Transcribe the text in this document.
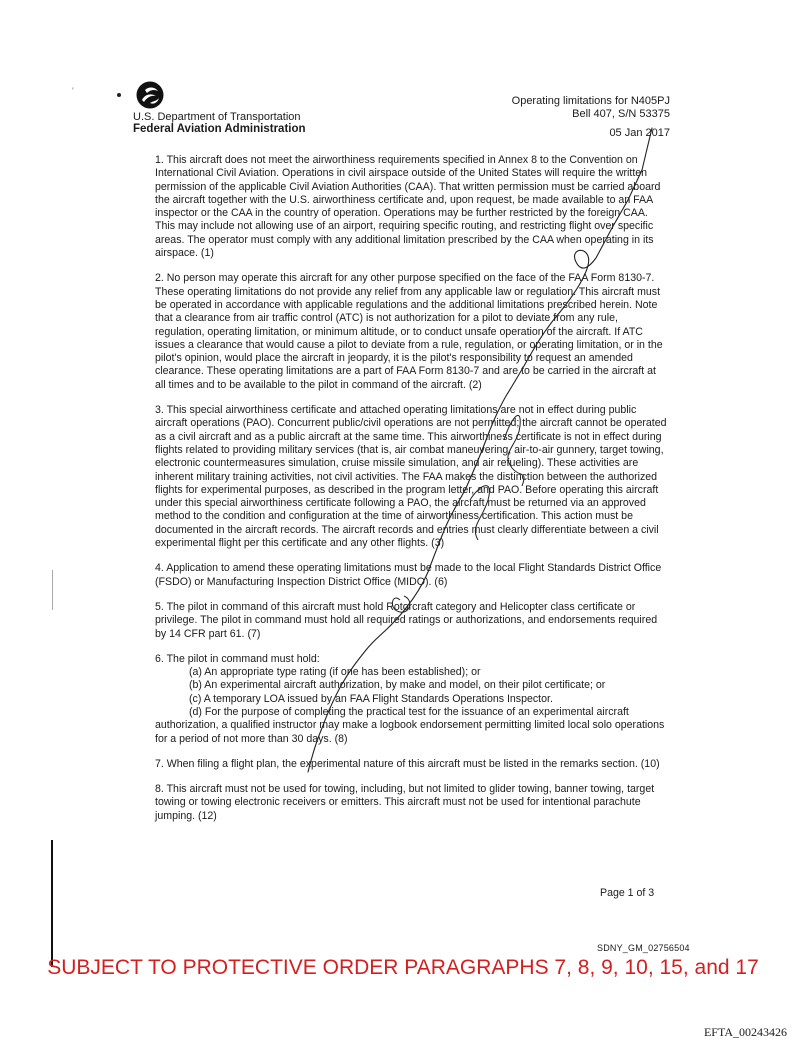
ʹ
U.S. Department of Transportation
Federal Aviation Administration
Operating limitations for N405PJ
Bell 407, S/N 53375
05 Jan 2017

1. This aircraft does not meet the airworthiness requirements specified in Annex 8 to the Convention on International Civil Aviation. Operations in civil airspace outside of the United States will require the written permission of the applicable Civil Aviation Authorities (CAA). That written permission must be carried aboard the aircraft together with the U.S. airworthiness certificate and, upon request, be made available to an FAA inspector or the CAA in the country of operation. Operations may be further restricted by the foreign CAA. This may include not allowing use of an airport, requiring specific routing, and restricting flight over specific areas. The operator must comply with any additional limitation prescribed by the CAA when operating in its airspace. (1)

2. No person may operate this aircraft for any other purpose specified on the face of the FAA Form 8130-7. These operating limitations do not provide any relief from any applicable law or regulation. This aircraft must be operated in accordance with applicable regulations and the additional limitations prescribed herein. Note that a clearance from air traffic control (ATC) is not authorization for a pilot to deviate from any rule, regulation, operating limitation, or minimum altitude, or to conduct unsafe operation of the aircraft. If ATC issues a clearance that would cause a pilot to deviate from a rule, regulation, or operating limitation, or in the pilot's opinion, would place the aircraft in jeopardy, it is the pilot's responsibility to request an amended clearance. These operating limitations are a part of FAA Form 8130-7 and are to be carried in the aircraft at all times and to be available to the pilot in command of the aircraft. (2)

3. This special airworthiness certificate and attached operating limitations are not in effect during public aircraft operations (PAO). Concurrent public/civil operations are not permitted; the aircraft cannot be operated as a civil aircraft and as a public aircraft at the same time. This airworthiness certificate is not in effect during flights related to providing military services (that is, air combat maneuvering, air-to-air gunnery, target towing, electronic countermeasures simulation, cruise missile simulation, and air refueling). These activities are inherent military training activities, not civil activities. The FAA makes the distinction between the authorized flights for experimental purposes, as described in the program letter, and PAO. Before operating this aircraft under this special airworthiness certificate following a PAO, the aircraft must be returned via an approved method to the condition and configuration at the time of airworthiness certification. This action must be documented in the aircraft records. The aircraft records and entries must clearly differentiate between a civil experimental flight per this certificate and any other flights. (3)

4. Application to amend these operating limitations must be made to the local Flight Standards District Office (FSDO) or Manufacturing Inspection District Office (MIDO). (6)

5. The pilot in command of this aircraft must hold Rotorcraft category and Helicopter class certificate or privilege. The pilot in command must hold all required ratings or authorizations, and endorsements required by 14 CFR part 61. (7)

6. The pilot in command must hold:

(a) An appropriate type rating (if one has been established); or

(b) An experimental aircraft authorization, by make and model, on their pilot certificate; or

(c) A temporary LOA issued by an FAA Flight Standards Operations Inspector.

(d) For the purpose of completing the practical test for the issuance of an experimental aircraft

authorization, a qualified instructor may make a logbook endorsement permitting limited local solo operations for a period of not more than 30 days. (8)

7. When filing a flight plan, the experimental nature of this aircraft must be listed in the remarks section. (10)

8. This aircraft must not be used for towing, including, but not limited to glider towing, banner towing, target towing or towing electronic receivers or emitters. This aircraft must not be used for intentional parachute jumping. (12)

Page 1 of 3
SDNY_GM_02756504
SUBJECT TO PROTECTIVE ORDER PARAGRAPHS 7, 8, 9, 10, 15, and 17
EFTA_00243426
